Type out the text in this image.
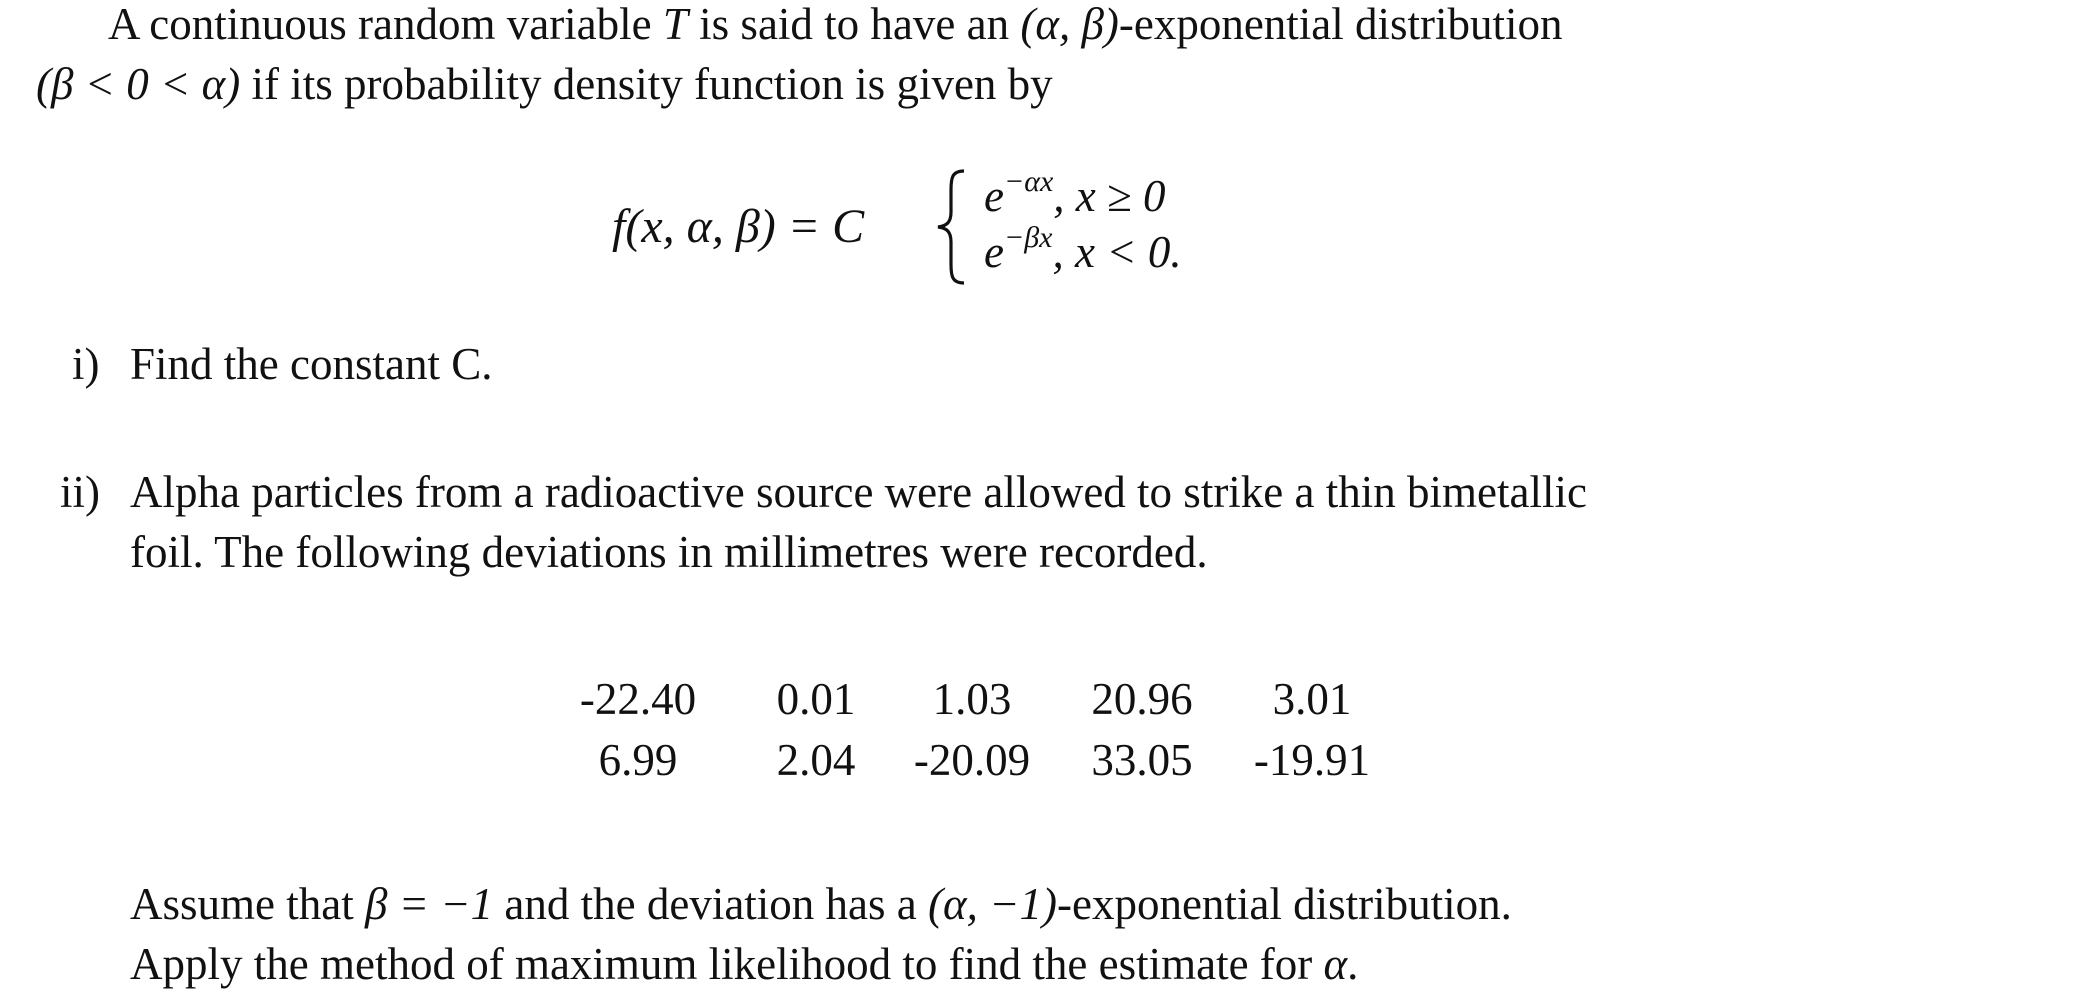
A continuous random variable T is said to have an (α, β)-exponential distribution
(β < 0 < α) if its probability density function is given by
f(x, α, β) = C
$e^{-\alpha x}$, x ≥ 0
$e^{-\beta x}$, x < 0.
i) Find the constant C.
ii) Alpha particles from a radioactive source were allowed to strike a thin bimetallic
foil. The following deviations in millimetres were recorded.
-22.40	0.01	1.03	20.96	3.01
6.99	2.04	-20.09	33.05	-19.91
Assume that β = −1 and the deviation has a (α, −1)-exponential distribution.
Apply the method of maximum likelihood to find the estimate for α.
